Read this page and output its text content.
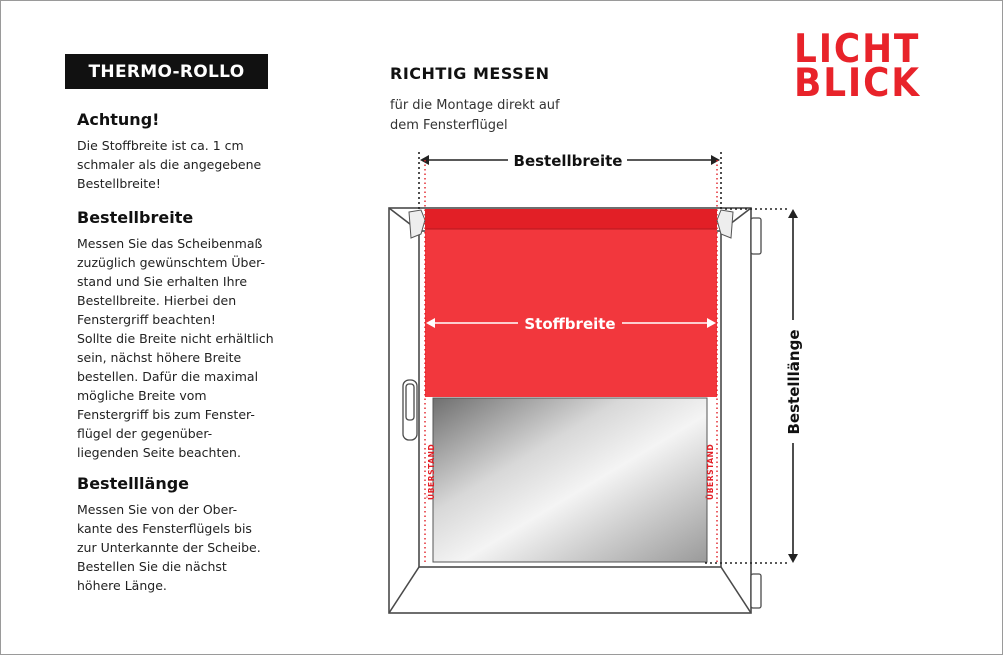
THERMO-ROLLO
Achtung!
Die Stoffbreite ist ca. 1 cm
schmaler als die angegebene
Bestellbreite!
Bestellbreite
Messen Sie das Scheibenmaß
zuzüglich gewünschtem Über-
stand und Sie erhalten Ihre
Bestellbreite. Hierbei den
Fenstergriff beachten!
Sollte die Breite nicht erhältlich
sein, nächst höhere Breite
bestellen. Dafür die maximal
mögliche Breite vom
Fenstergriff bis zum Fenster-
flügel der gegenüber-
liegenden Seite beachten.
Bestelllänge
Messen Sie von der Ober-
kante des Fensterflügels bis
zur Unterkannte der Scheibe.
Bestellen Sie die nächst
höhere Länge.
RICHTIG MESSEN
für die Montage direkt auf
dem Fensterflügel
LICHT
BLICK
Bestellbreite
ÜBERSTAND	ÜBERSTAND
Stoffbreite
Bestelllänge
